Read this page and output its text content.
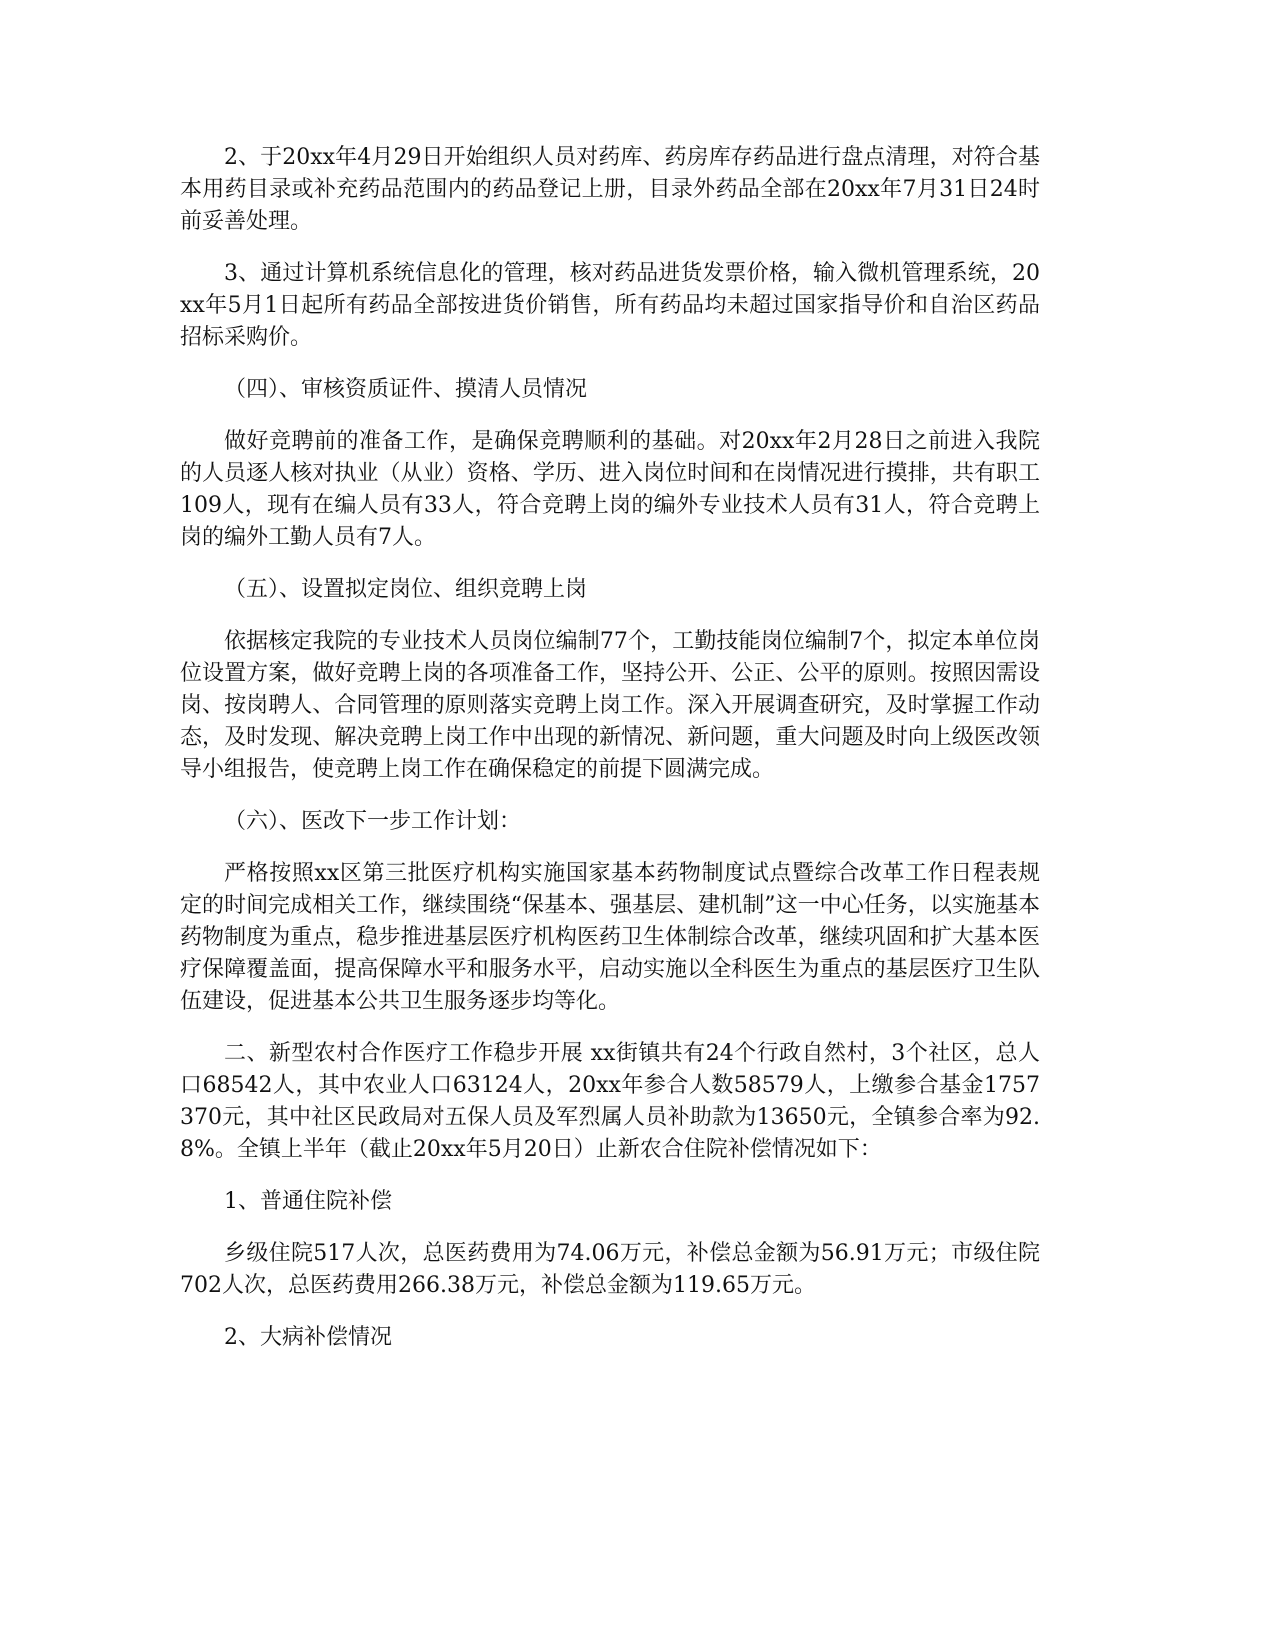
2、于20xx年4月29日开始组织人员对药库、药房库存药品进行盘点清理，对符合基本用药目录或补充药品范围内的药品登记上册，目录外药品全部在20xx年7月31日24时前妥善处理。

3、通过计算机系统信息化的管理，核对药品进货发票价格，输入微机管理系统，20xx年5月1日起所有药品全部按进货价销售，所有药品均未超过国家指导价和自治区药品招标采购价。

（四）、审核资质证件、摸清人员情况

做好竞聘前的准备工作，是确保竞聘顺利的基础。对20xx年2月28日之前进入我院的人员逐人核对执业（从业）资格、学历、进入岗位时间和在岗情况进行摸排，共有职工109人，现有在编人员有33人，符合竞聘上岗的编外专业技术人员有31人，符合竞聘上岗的编外工勤人员有7人。

（五）、设置拟定岗位、组织竞聘上岗

依据核定我院的专业技术人员岗位编制77个，工勤技能岗位编制7个，拟定本单位岗位设置方案，做好竞聘上岗的各项准备工作，坚持公开、公正、公平的原则。按照因需设岗、按岗聘人、合同管理的原则落实竞聘上岗工作。深入开展调查研究，及时掌握工作动态，及时发现、解决竞聘上岗工作中出现的新情况、新问题，重大问题及时向上级医改领导小组报告，使竞聘上岗工作在确保稳定的前提下圆满完成。

（六）、医改下一步工作计划：

严格按照xx区第三批医疗机构实施国家基本药物制度试点暨综合改革工作日程表规定的时间完成相关工作，继续围绕“保基本、强基层、建机制”这一中心任务，以实施基本药物制度为重点，稳步推进基层医疗机构医药卫生体制综合改革，继续巩固和扩大基本医疗保障覆盖面，提高保障水平和服务水平，启动实施以全科医生为重点的基层医疗卫生队伍建设，促进基本公共卫生服务逐步均等化。

二、新型农村合作医疗工作稳步开展 xx街镇共有24个行政自然村，3个社区，总人口68542人，其中农业人口63124人，20xx年参合人数58579人，上缴参合基金1757370元，其中社区民政局对五保人员及军烈属人员补助款为13650元，全镇参合率为92.8%。全镇上半年（截止20xx年5月20日）止新农合住院补偿情况如下：

1、普通住院补偿

乡级住院517人次，总医药费用为74.06万元，补偿总金额为56.91万元；市级住院702人次，总医药费用266.38万元，补偿总金额为119.65万元。

2、大病补偿情况
